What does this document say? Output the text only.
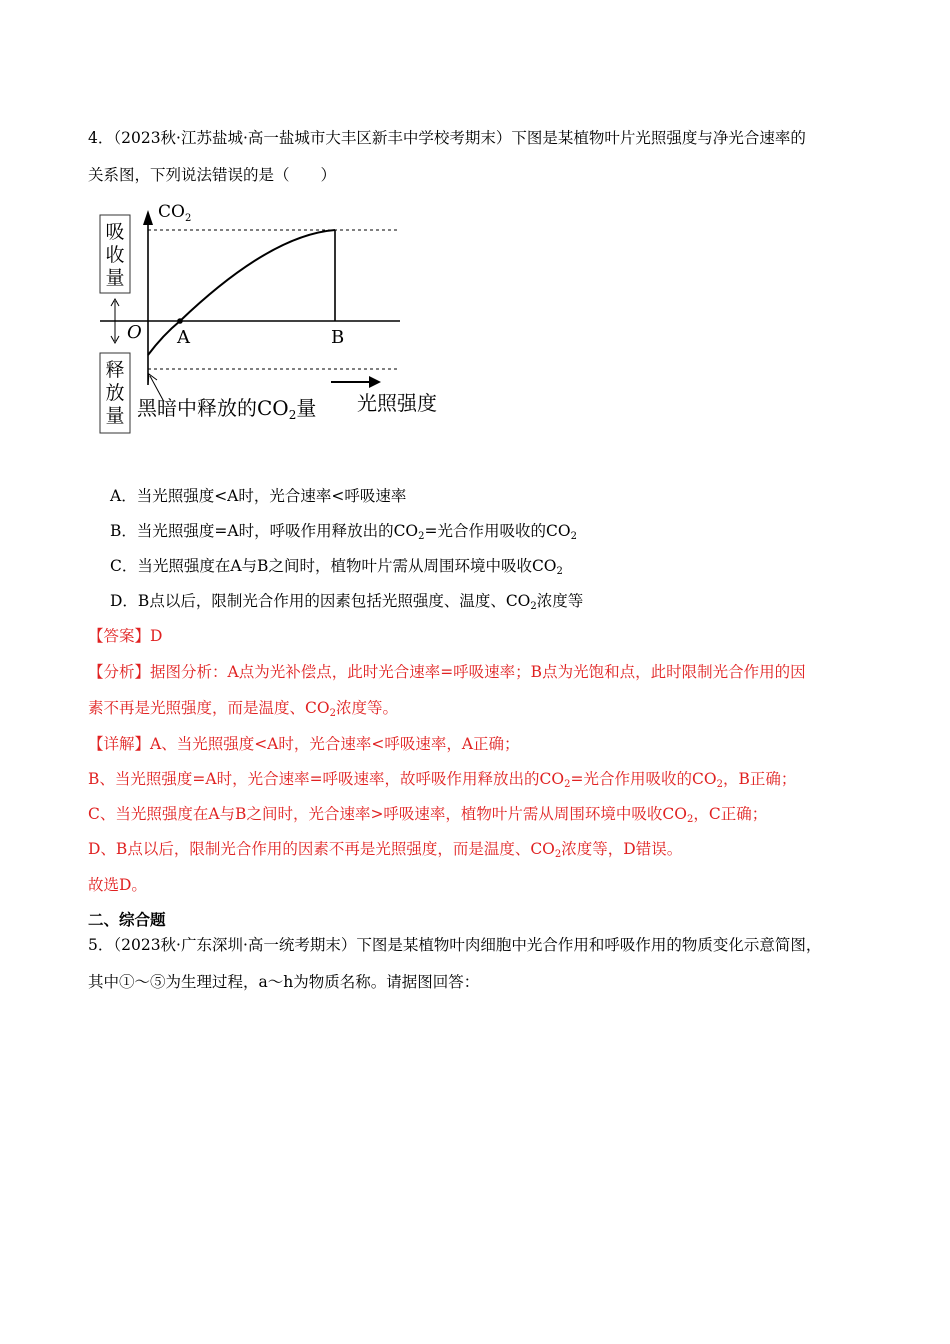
4．（2023秋·江苏盐城·高一盐城市大丰区新丰中学校考期末）下图是某植物叶片光照强度与净光合速率的
关系图，下列说法错误的是（　　）
吸
收
量
释
放
量
$CO_2$
O A	B
黑暗中释放的$CO_2$量 光照强度
A．当光照强度<A时，光合速率<呼吸速率
B．当光照强度=A时，呼吸作用释放出的$CO_2=$光合作用吸收的$CO_2$
C．当光照强度在A与B之间时，植物叶片需从周围环境中吸收$CO_2$
D．B点以后，限制光合作用的因素包括光照强度、温度、$CO_2$浓度等
【答案】D
【分析】据图分析：A点为光补偿点，此时光合速率=呼吸速率；B点为光饱和点，此时限制光合作用的因
素不再是光照强度，而是温度、$CO_2$浓度等。
【详解】A、当光照强度<A时，光合速率<呼吸速率，A正确；
B、当光照强度=A时，光合速率=呼吸速率，故呼吸作用释放出的$CO_2=$光合作用吸收的$CO_2$，B正确；
C、当光照强度在A与B之间时，光合速率>呼吸速率，植物叶片需从周围环境中吸收$CO_2$，C正确；
D、B点以后，限制光合作用的因素不再是光照强度，而是温度、$CO_2$浓度等，D错误。
故选D。
二、综合题
5．（2023秋·广东深圳·高一统考期末）下图是某植物叶肉细胞中光合作用和呼吸作用的物质变化示意简图，
其中①～⑤为生理过程，a～h为物质名称。请据图回答：
